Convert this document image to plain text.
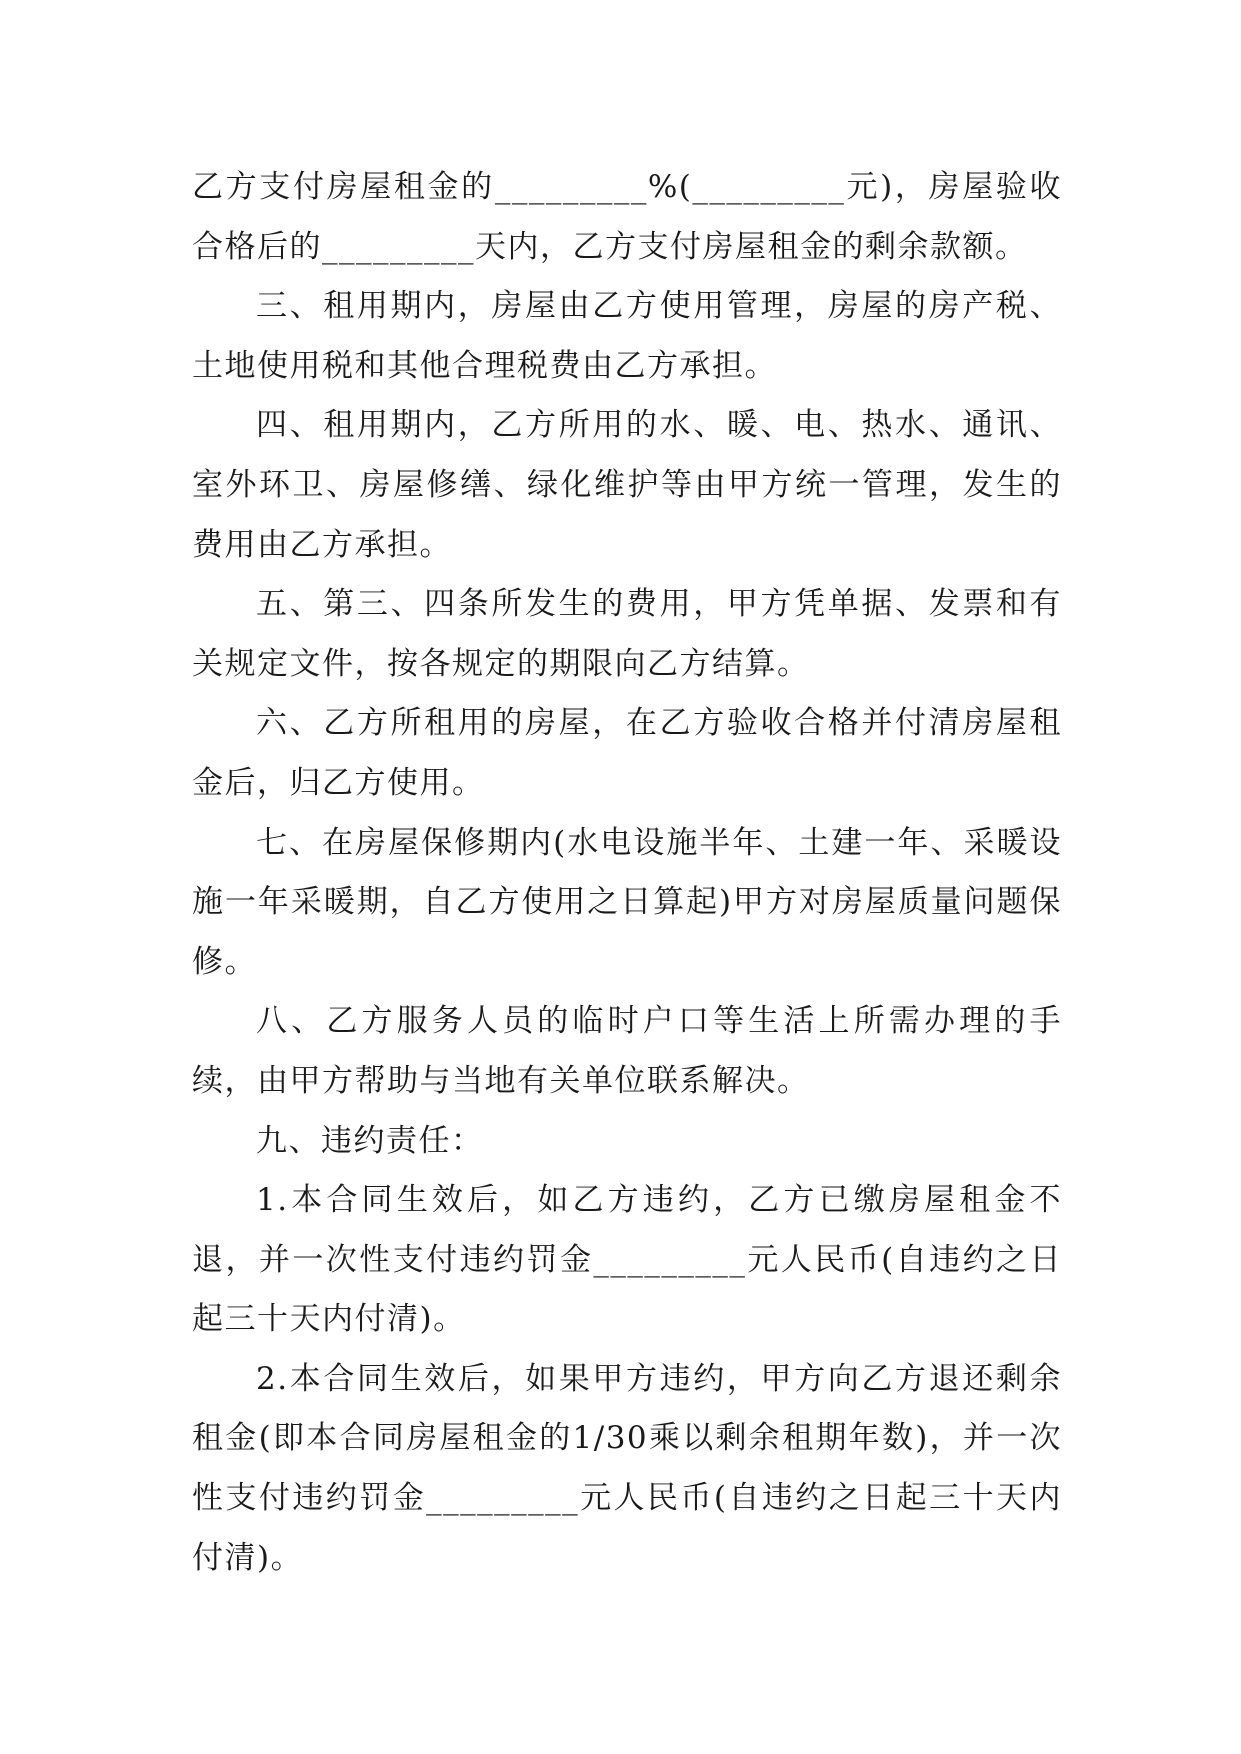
乙方支付房屋租金的_________%(_________元)，房屋验收合格后的_________天内，乙方支付房屋租金的剩余款额。

三、租用期内，房屋由乙方使用管理，房屋的房产税、土地使用税和其他合理税费由乙方承担。

四、租用期内，乙方所用的水、暖、电、热水、通讯、室外环卫、房屋修缮、绿化维护等由甲方统一管理，发生的费用由乙方承担。

五、第三、四条所发生的费用，甲方凭单据、发票和有关规定文件，按各规定的期限向乙方结算。

六、乙方所租用的房屋，在乙方验收合格并付清房屋租金后，归乙方使用。

七、在房屋保修期内(水电设施半年、土建一年、采暖设施一年采暖期，自乙方使用之日算起)甲方对房屋质量问题保修。

八、乙方服务人员的临时户口等生活上所需办理的手续，由甲方帮助与当地有关单位联系解决。

九、违约责任：

1.本合同生效后，如乙方违约，乙方已缴房屋租金不退，并一次性支付违约罚金_________元人民币(自违约之日起三十天内付清)。

2.本合同生效后，如果甲方违约，甲方向乙方退还剩余租金(即本合同房屋租金的1/30乘以剩余租期年数)，并一次性支付违约罚金_________元人民币(自违约之日起三十天内付清)。
